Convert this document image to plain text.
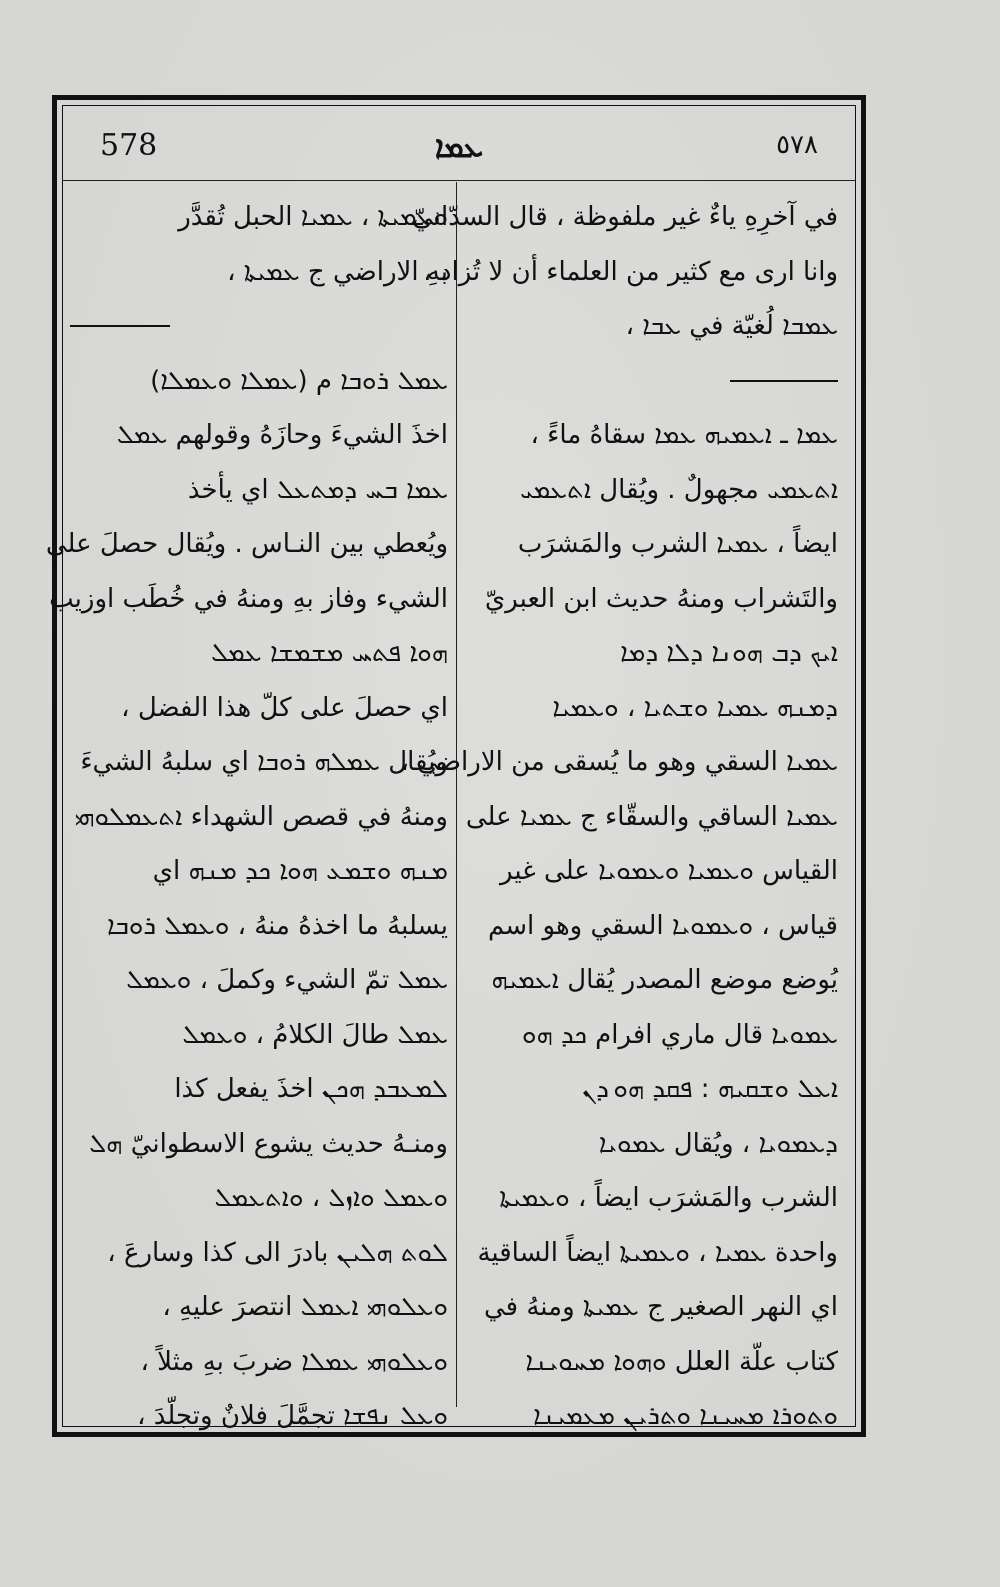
578	ܥܡܐ	٥٧٨
في آخرِهِ ياءٌ غير ملفوظة ، قال السدّانيّ
وانا ارى مع كثير من العلماء أن لا تُزاد ،
ܥܡܒܐ لُغيّة في ܥܒܐ ،
ܥܡܐ ـ ܐܥܡܝܗ ܥܡܐ سقاهُ ماءً ،
ܐܬܥܡܝ مجهولٌ . ويُقال ܐܬܥܡܝ
ايضاً ، ܥܡܝܐ الشرب والمَشرَب
والتَشراب ومنهُ حديث ابن العبريّ
ܐܝܟ ܕܒ ܗܘܢܐ ܕܠܐ ܕܡܐ
ܕܡܢܗ ܥܡܝܐ ܘܫܬܝܐ ، ܘܥܡܝܐ
ܥܡܝܐ السقي وهو ما يُسقى من الاراضي ،
ܥܡܝܐ الساقي والسقّاء ج ܥܡܝܐ على
القياس ܘܥܡܝܐ ܘܥܡܘܝܐ على غير
قياس ، ܘܥܡܘܝܐ السقي وهو اسم
يُوضع موضع المصدر يُقال ܐܥܡܝܗ
ܥܡܘܝܐ قال ماري افرام ܟܕ ܗܘ
ܐܥܠ ܘܫܩܝܗ : ܦܩܕ ܗܘ ܕܢ
ܕܥܡܘܝܐ ، ويُقال ܥܡܘܝܐ
الشرب والمَشرَب ايضاً ، ܘܥܡܝܬܐ
واحدة ܥܡܝܐ ، ܘܥܡܝܬܐ ايضاً الساقية
اي النهر الصغير ج ܥܡܝܬܐ ومنهُ في
كتاب علّة العلل ܘܗܘܐ ܡܚܘܝܢܐ
ܘܬܘܪܐ ܡܚܝܢܐ ܘܬܪܝܢ ܡܥܡܝܢܐ
ܘܥܡܝܬܐ ، ܥܡܝܐ الحبل تُقدَّر
بهِ الاراضي ج ܥܡܝܬܐ ،
ܥܡܠ ܪܘܒܐ م (ܥܡܠܐ ܘܥܡܠܐ)
اخذَ الشيءَ وحازَهُ وقولهم ܥܡܠ
ܥܡܐ ܒܚ ܕܡܬܥܠ اي يأخذ
ويُعطي بين النـاس . ويُقال حصلَ على
الشيء وفاز بهِ ومنهُ في خُطَب اوزيب
ܗܘܐ ܦܬܚ ܡܫܡܫܐ ܥܡܠ
اي حصلَ على كلّ هذا الفضل ،
ويُقال ܥܡܠܗ ܪܘܒܐ اي سلبهُ الشيءَ
ومنهُ في قصص الشهداء ܐܬܥܡܠܘܗܝ
ܡܢܗ ܘܫܡܥ ܗܘܐ ܟܕ ܡܢܗ اي
يسلبهُ ما اخذهُ منهُ ، ܘܥܡܠ ܪܘܒܐ
ܥܡܠ تمّ الشيء وكملَ ، ܘܥܡܠ
ܥܡܠ طالَ الكلامُ ، ܘܥܡܠ
ܠܡܥܒܕ ܗܟܢ اخذَ يفعل كذا
ومنـهُ حديث يشوع الاسطوانيّ ܗܠ
ܘܥܡܠ ܘܐܙܠ ، ܘܐܬܥܡܠ
ܠܘܬ ܗܠܝܢ بادرَ الى كذا وسارعَ ،
ܘܥܠܘܗܝ ܐܥܡܠ انتصرَ عليهِ ،
ܘܥܠܘܗܝ ܥܡܠܐ ضربَ بهِ مثلاً ،
ܘܥܠ ܢܦܫܐ تجمَّلَ فلانٌ وتجلّدَ ،
